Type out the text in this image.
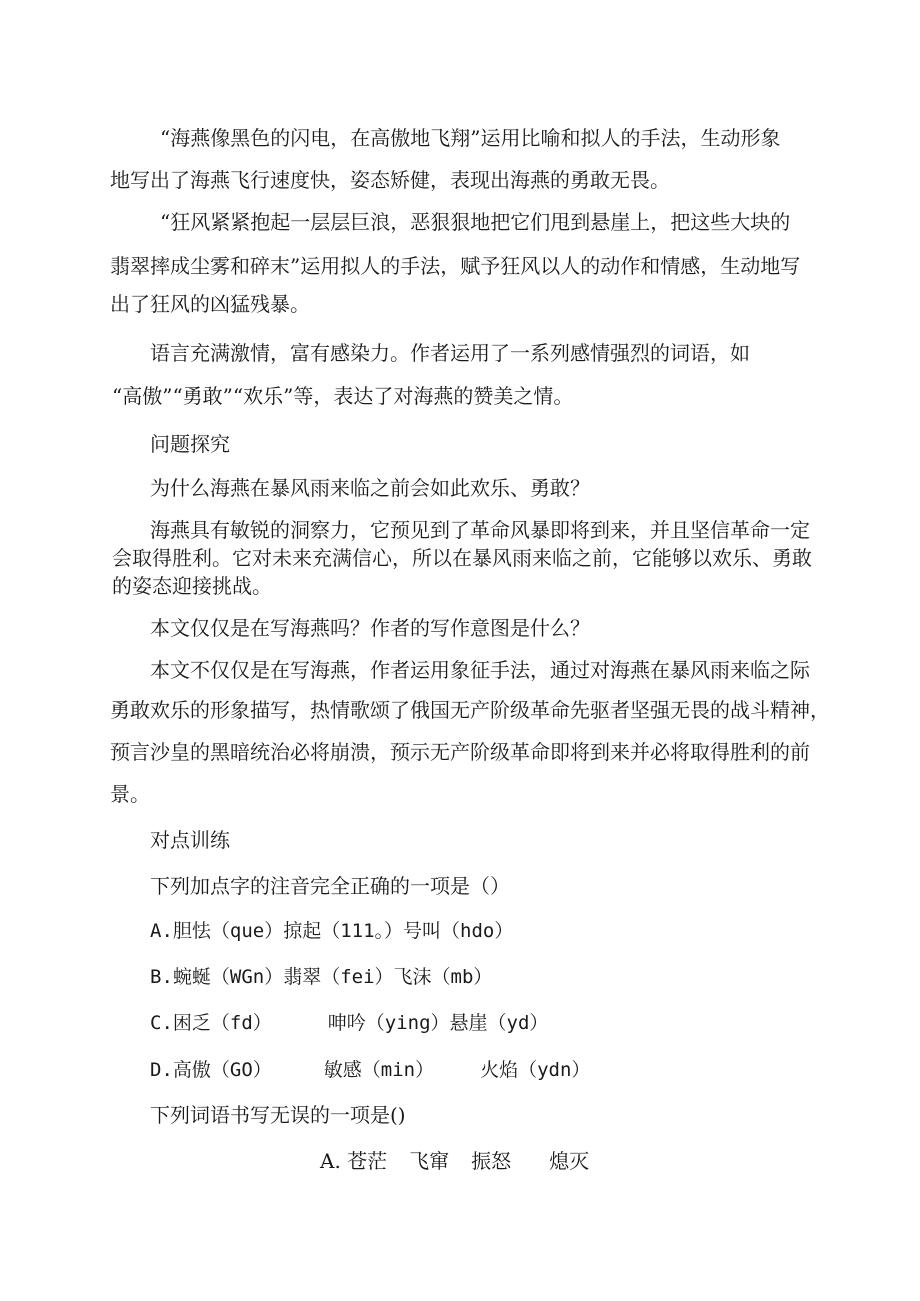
“海燕像黑色的闪电，在高傲地飞翔”运用比喻和拟人的手法，生动形象

地写出了海燕飞行速度快，姿态矫健，表现出海燕的勇敢无畏。

“狂风紧紧抱起一层层巨浪，恶狠狠地把它们甩到悬崖上，把这些大块的

翡翠摔成尘雾和碎末”运用拟人的手法，赋予狂风以人的动作和情感，生动地写

出了狂风的凶猛残暴。

语言充满激情，富有感染力。作者运用了一系列感情强烈的词语，如

“高傲”“勇敢”“欢乐”等，表达了对海燕的赞美之情。

问题探究

为什么海燕在暴风雨来临之前会如此欢乐、勇敢？

海燕具有敏锐的洞察力，它预见到了革命风暴即将到来，并且坚信革命一定

会取得胜利。它对未来充满信心，所以在暴风雨来临之前，它能够以欢乐、勇敢

的姿态迎接挑战。

本文仅仅是在写海燕吗？作者的写作意图是什么？

本文不仅仅是在写海燕，作者运用象征手法，通过对海燕在暴风雨来临之际

勇敢欢乐的形象描写，热情歌颂了俄国无产阶级革命先驱者坚强无畏的战斗精神，

预言沙皇的黑暗统治必将崩溃，预示无产阶级革命即将到来并必将取得胜利的前

景。

对点训练

下列加点字的注音完全正确的一项是（）

A.胆怯（que）掠起（111。）号叫（hdo）

B.蜿蜒（WGn）翡翠（fei）飞沫（mb）

C.困乏（fd）	呻吟（ying）悬崖（yd）

D.高傲（GO）	敏感（min） 火焰（ydn）

下列词语书写无误的一项是()

A. 苍茫 飞窜 振怒 熄灭
